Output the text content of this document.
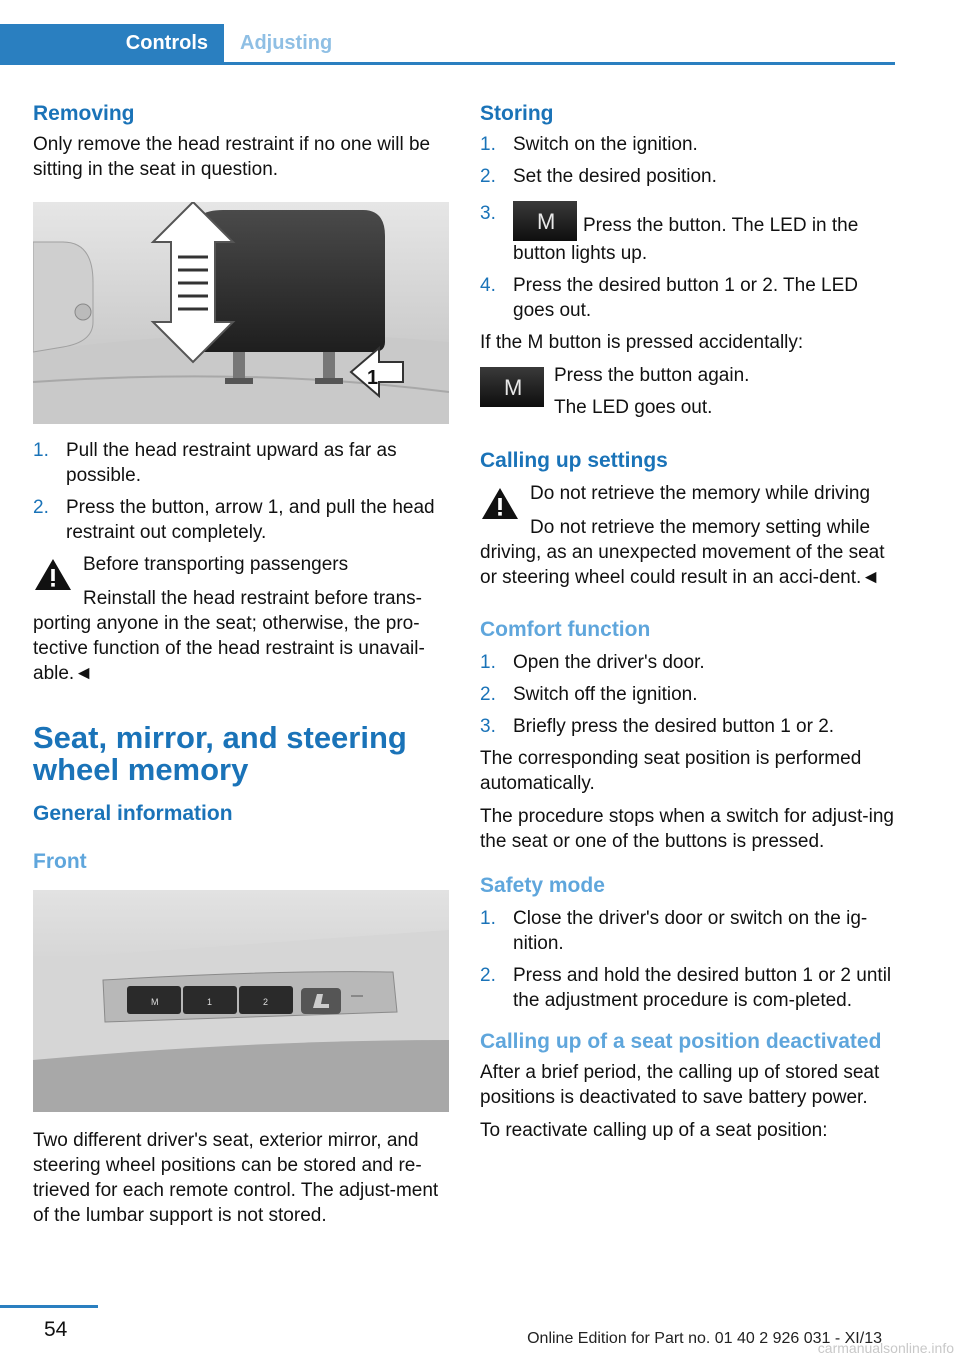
Controls	Adjusting
Removing

Only remove the head restraint if no one will be sitting in the seat in question.

1
1. Pull the head restraint upward as far as possible.
2. Press the button, arrow 1, and pull the head restraint out completely.
Before transporting passengers

Reinstall the head restraint before trans-porting anyone in the seat; otherwise, the pro-tective function of the head restraint is unavail-able.◄

Seat, mirror, and steering wheel memory
General information
Front
M	1	2

Two different driver's seat, exterior mirror, and steering wheel positions can be stored and re-trieved for each remote control. The adjust-ment of the lumbar support is not stored.

Storing
1. Switch on the ignition.
2. Set the desired position.
3. M Press the button. The LED in the button lights up.
4. Press the desired button 1 or 2. The LED goes out.

If the M button is pressed accidentally:

M Press the button again.
The LED goes out.
Calling up settings
Do not retrieve the memory while driving

Do not retrieve the memory setting while driving, as an unexpected movement of the seat or steering wheel could result in an acci-dent.◄

Comfort function
1. Open the driver's door.
2. Switch off the ignition.
3. Briefly press the desired button 1 or 2.

The corresponding seat position is performed automatically.

The procedure stops when a switch for adjust-ing the seat or one of the buttons is pressed.

Safety mode
1. Close the driver's door or switch on the ig-nition.
2. Press and hold the desired button 1 or 2 until the adjustment procedure is com-pleted.
Calling up of a seat position deactivated

After a brief period, the calling up of stored seat positions is deactivated to save battery power.

To reactivate calling up of a seat position:

54	Online Edition for Part no. 01 40 2 926 031 - XI/13
carmanualsonline.info
